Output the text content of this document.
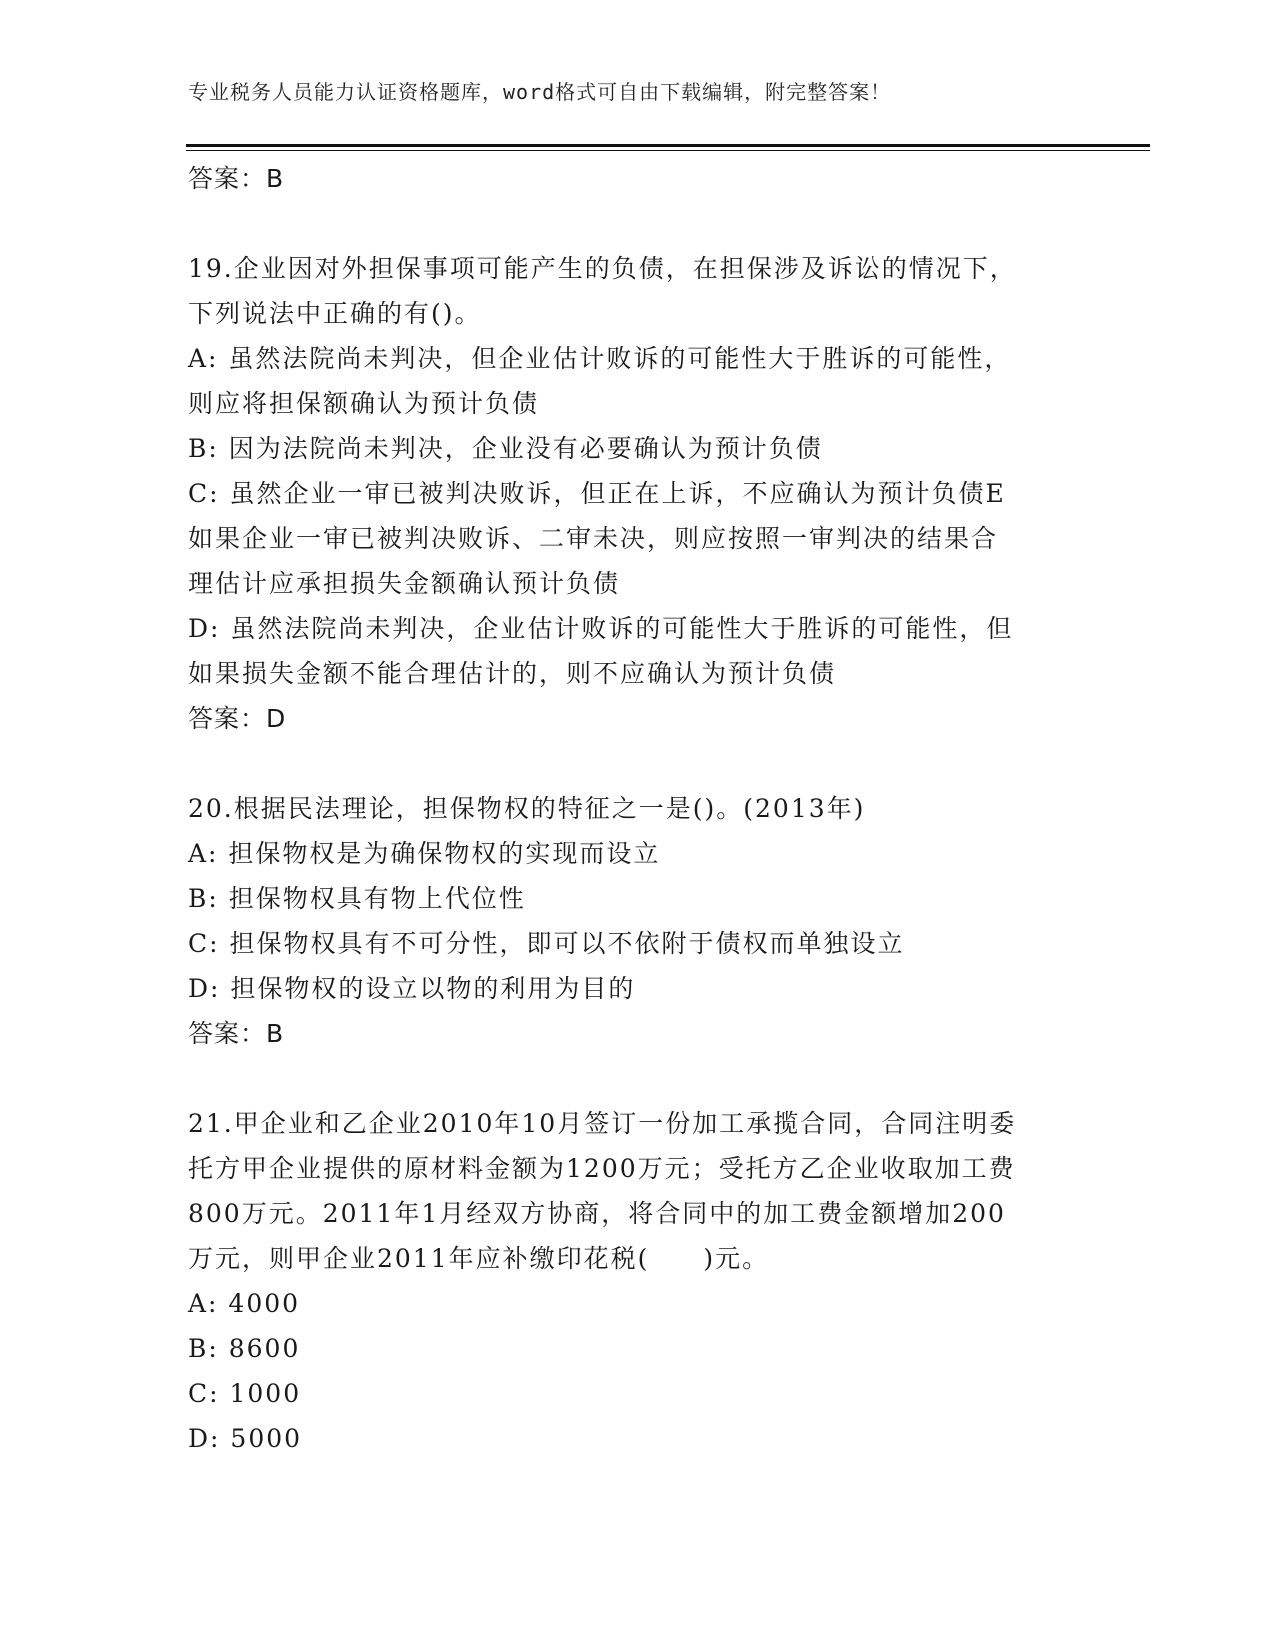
专业税务人员能力认证资格题库，word格式可自由下载编辑，附完整答案！
答案：B
19.企业因对外担保事项可能产生的负债，在担保涉及诉讼的情况下，
下列说法中正确的有()。
A: 虽然法院尚未判决，但企业估计败诉的可能性大于胜诉的可能性，
则应将担保额确认为预计负债
B: 因为法院尚未判决，企业没有必要确认为预计负债
C: 虽然企业一审已被判决败诉，但正在上诉，不应确认为预计负债E
如果企业一审已被判决败诉、二审未决，则应按照一审判决的结果合
理估计应承担损失金额确认预计负债
D: 虽然法院尚未判决，企业估计败诉的可能性大于胜诉的可能性，但
如果损失金额不能合理估计的，则不应确认为预计负债
答案：D
20.根据民法理论，担保物权的特征之一是()。(2013年)
A: 担保物权是为确保物权的实现而设立
B: 担保物权具有物上代位性
C: 担保物权具有不可分性，即可以不依附于债权而单独设立
D: 担保物权的设立以物的利用为目的
答案：B
21.甲企业和乙企业2010年10月签订一份加工承揽合同，合同注明委
托方甲企业提供的原材料金额为1200万元；受托方乙企业收取加工费
800万元。2011年1月经双方协商，将合同中的加工费金额增加200
万元，则甲企业2011年应补缴印花税(　　)元。
A: 4000
B: 8600
C: 1000
D: 5000
